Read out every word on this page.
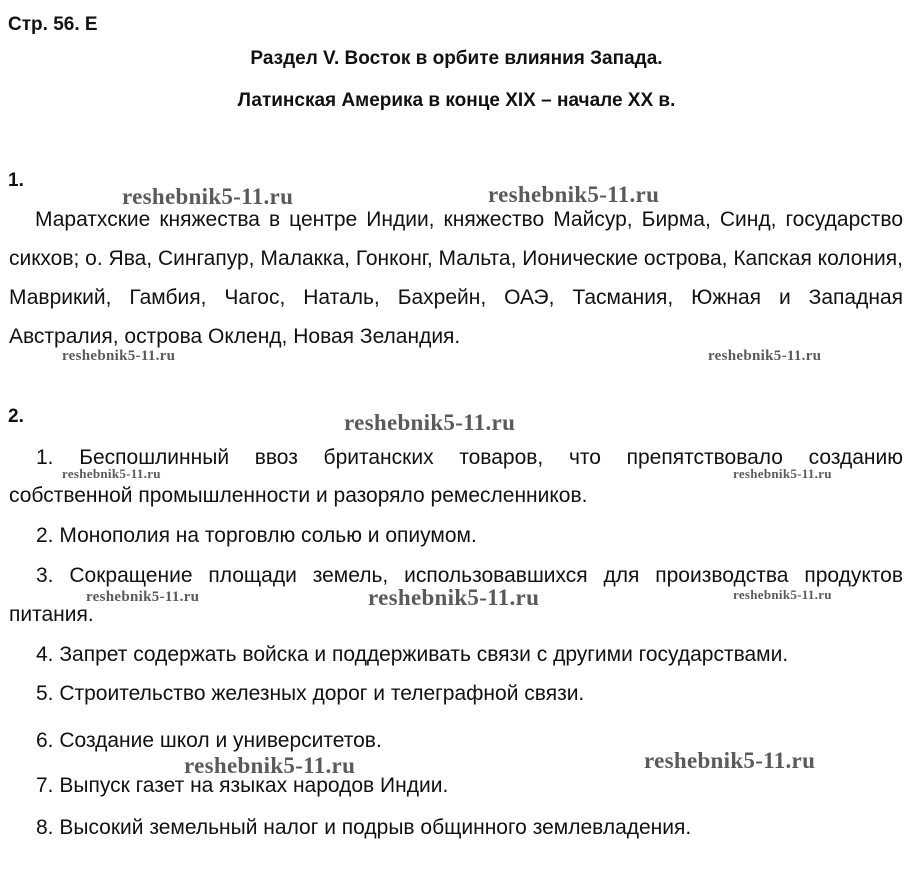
Стр. 56. Е
Раздел V. Восток в орбите влияния Запада.
Латинская Америка в конце XIX – начале XX в.
1.
Маратхские княжества в центре Индии, княжество Майсур, Бирма, Синд, государство сикхов; о. Ява, Сингапур, Малакка, Гонконг, Мальта, Ионические острова, Капская колония, Маврикий, Гамбия, Чагос, Наталь, Бахрейн, ОАЭ, Тасмания, Южная и Западная Австралия, острова Окленд, Новая Зеландия.
2.
1. Беспошлинный ввоз британских товаров, что препятствовало созданию
собственной промышленности и разоряло ремесленников.
2. Монополия на торговлю солью и опиумом.
3. Сокращение площади земель, использовавшихся для производства продуктов
питания.
4. Запрет содержать войска и поддерживать связи с другими государствами.
5. Строительство железных дорог и телеграфной связи.
6. Создание школ и университетов.
7. Выпуск газет на языках народов Индии.
8. Высокий земельный налог и подрыв общинного землевладения.
reshebnik5-11.ru	reshebnik5-11.ru
reshebnik5-11.ru	reshebnik5-11.ru
reshebnik5-11.ru
reshebnik5-11.ru	reshebnik5-11.ru
reshebnik5-11.ru	reshebnik5-11.ru	reshebnik5-11.ru
reshebnik5-11.ru	reshebnik5-11.ru
